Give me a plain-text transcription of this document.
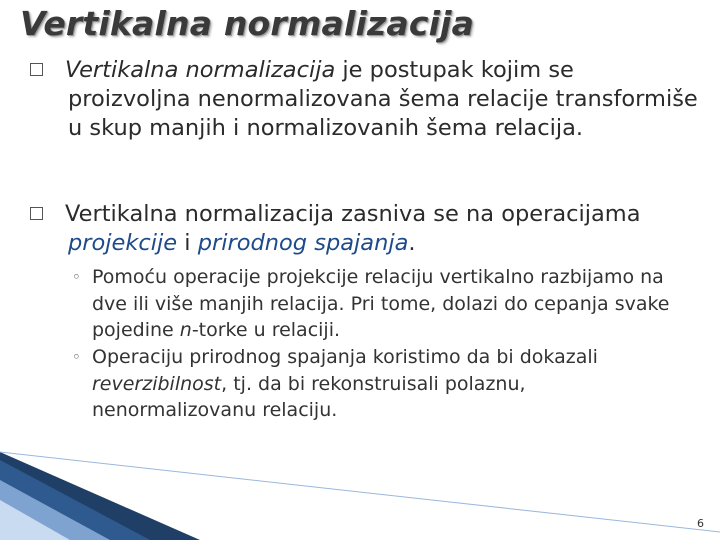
Vertikalna normalizacija
Vertikalna normalizacija je postupak kojim se proizvoljna nenormalizovana šema relacije transformiše u skup manjih i normalizovanih šema relacija.
Vertikalna normalizacija zasniva se na operacijama projekcije i prirodnog spajanja.
◦ Pomoću operacije projekcije relaciju vertikalno razbijamo na dve ili više manjih relacija. Pri tome, dolazi do cepanja svake pojedine n-torke u relaciji.
◦ Operaciju prirodnog spajanja koristimo da bi dokazali reverzibilnost, tj. da bi rekonstruisali polaznu, nenormalizovanu relaciju.
6
